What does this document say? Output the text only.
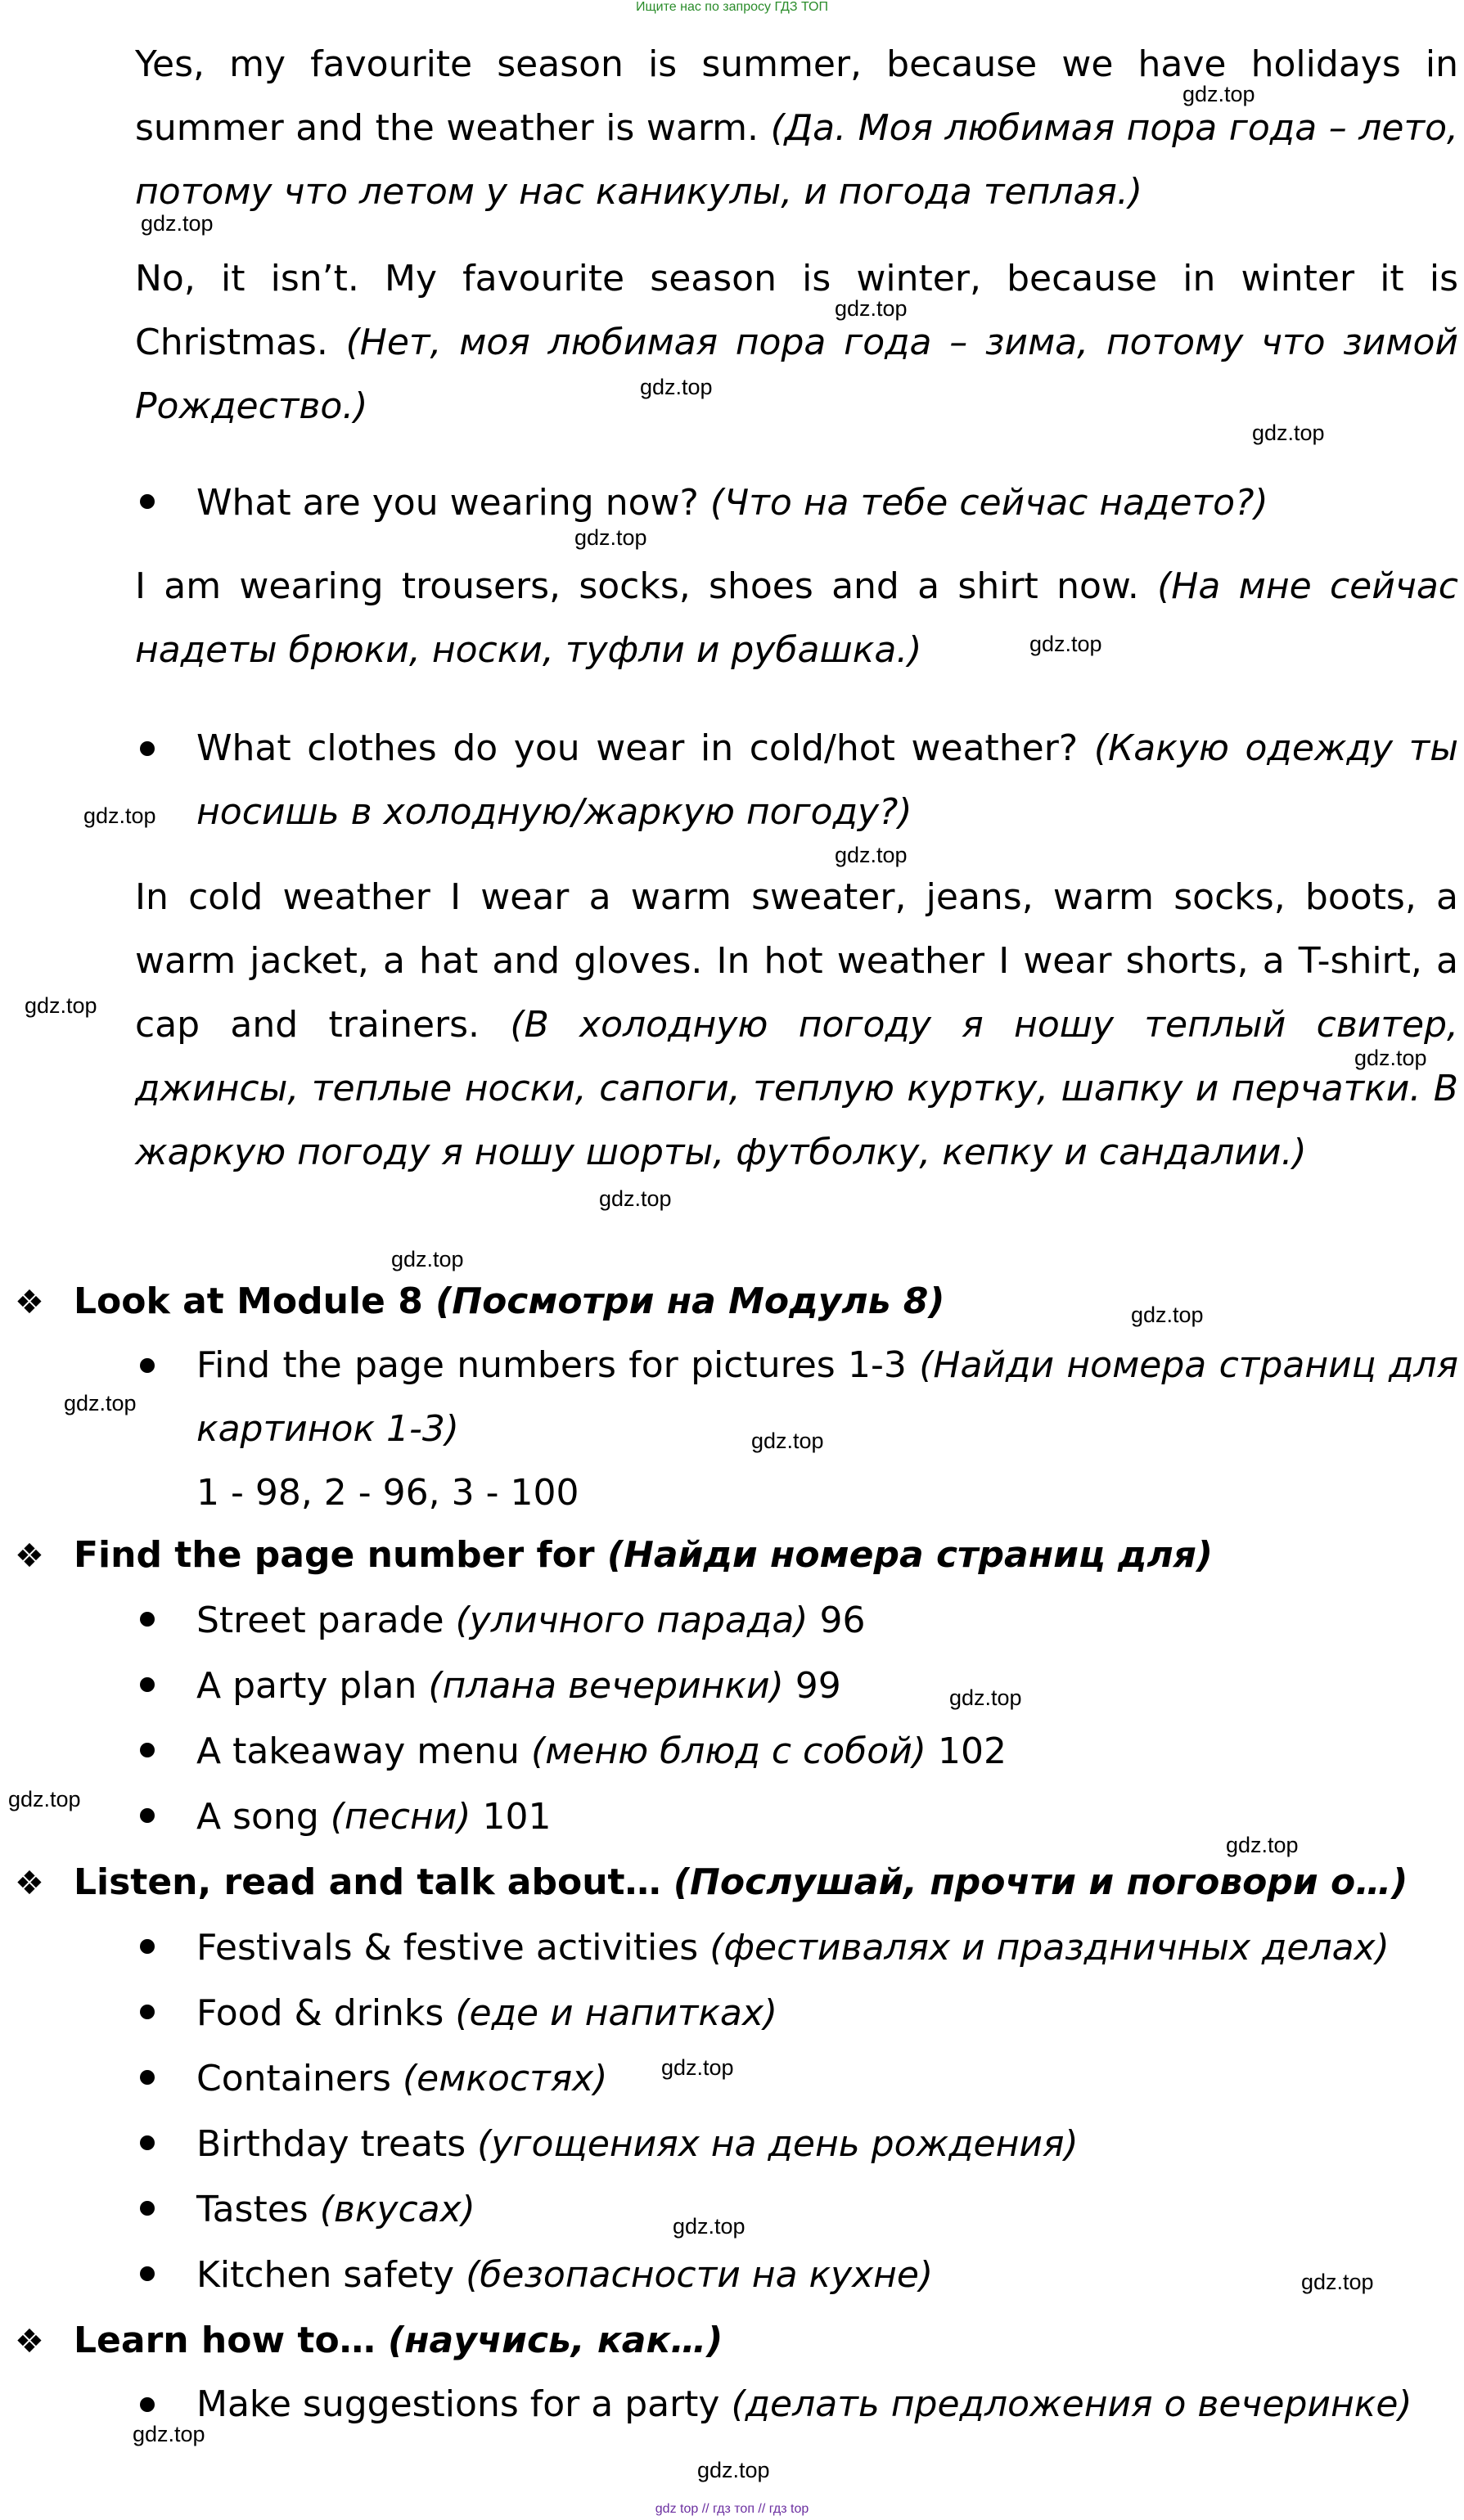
Ищите нас по запросу ГДЗ ТОП

Yes, my favourite season is summer, because we have holidays in summer and the weather is warm. (Да. Моя любимая пора года – лето, потому что летом у нас каникулы, и погода теплая.)

No, it isn’t. My favourite season is winter, because in winter it is Christmas. (Нет, моя любимая пора года – зима, потому что зимой Рождество.)

What are you wearing now? (Что на тебе сейчас надето?)

I am wearing trousers, socks, shoes and a shirt now. (На мне сейчас надеты брюки, носки, туфли и рубашка.)

What clothes do you wear in cold/hot weather? (Какую одежду ты носишь в холодную/жаркую погоду?)

In cold weather I wear a warm sweater, jeans, warm socks, boots, a warm jacket, a hat and gloves. In hot weather I wear shorts, a T-shirt, a cap and trainers. (В холодную погоду я ношу теплый свитер, джинсы, теплые носки, сапоги, теплую куртку, шапку и перчатки. В жаркую погоду я ношу шорты, футболку, кепку и сандалии.)

❖ Look at Module 8 (Посмотри на Модуль 8)

Find the page numbers for pictures 1-3 (Найди номера страниц для картинок 1-3)

1 - 98, 2 - 96, 3 - 100

❖ Find the page number for (Найди номера страниц для)

Street parade (уличного парада) 96

A party plan (плана вечеринки) 99

A takeaway menu (меню блюд с собой) 102

A song (песни) 101

❖ Listen, read and talk about… (Послушай, прочти и поговори о…)

Festivals & festive activities (фестивалях и праздничных делах)

Food & drinks (еде и напитках)

Containers (емкостях)

Birthday treats (угощениях на день рождения)

Tastes (вкусах)

Kitchen safety (безопасности на кухне)

❖ Learn how to… (научись, как…)

Make suggestions for a party (делать предложения о вечеринке)

gdz.top
gdz.top
gdz.top
gdz.top
gdz.top
gdz.top
gdz.top
gdz.top
gdz.top
gdz.top
gdz.top
gdz.top
gdz.top
gdz.top
gdz.top
gdz.top
gdz.top
gdz.top
gdz.top
gdz.top
gdz.top
gdz.top
gdz.top
gdz.top
gdz top // гдз топ // гдз top
